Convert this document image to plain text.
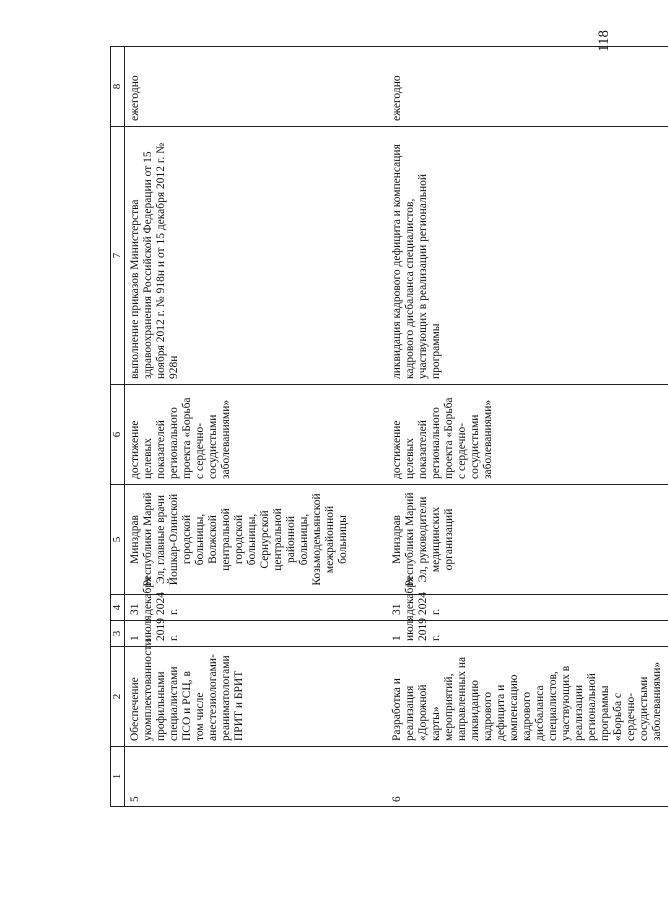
118
1	2	3	4	5	6	7	8
5	Обеспечение укомплектованности профильными специалистами ПСО и РСЦ, в том числе анестезиологами-реаниматологами ПРИТ и БРИТ	1 июля 2019 г.	31 декабря 2024 г.	Минздрав Республики Марий Эл, главные врачи Йошкар-Олинской городской больницы, Волжской центральной городской больницы, Сернурской центральной районной больницы, Козьмодемьянской межрайонной больницы	достижение целевых показателей регионального проекта «Борьба с сердечно-сосудистыми заболеваниями»	выполнение приказов Министерства здравоохранения Российской Федерации от 15 ноября 2012 г. № 918н и от 15 декабря 2012 г. № 928н	ежегодно
6	Разработка и реализация «Дорожной карты» мероприятий, направленных на ликвидацию кадрового дефицита и компенсацию кадрового дисбаланса специалистов, участвующих в реализации региональной программы «Борьба с сердечно-сосудистыми заболеваниями»	1 июля 2019 г.	31 декабря 2024 г.	Минздрав Республики Марий Эл, руководители медицинских организаций	достижение целевых показателей регионального проекта «Борьба с сердечно-сосудистыми заболеваниями»	ликвидация кадрового дефицита и компенсация кадрового дисбаланса специалистов, участвующих в реализации региональной программы	ежегодно
